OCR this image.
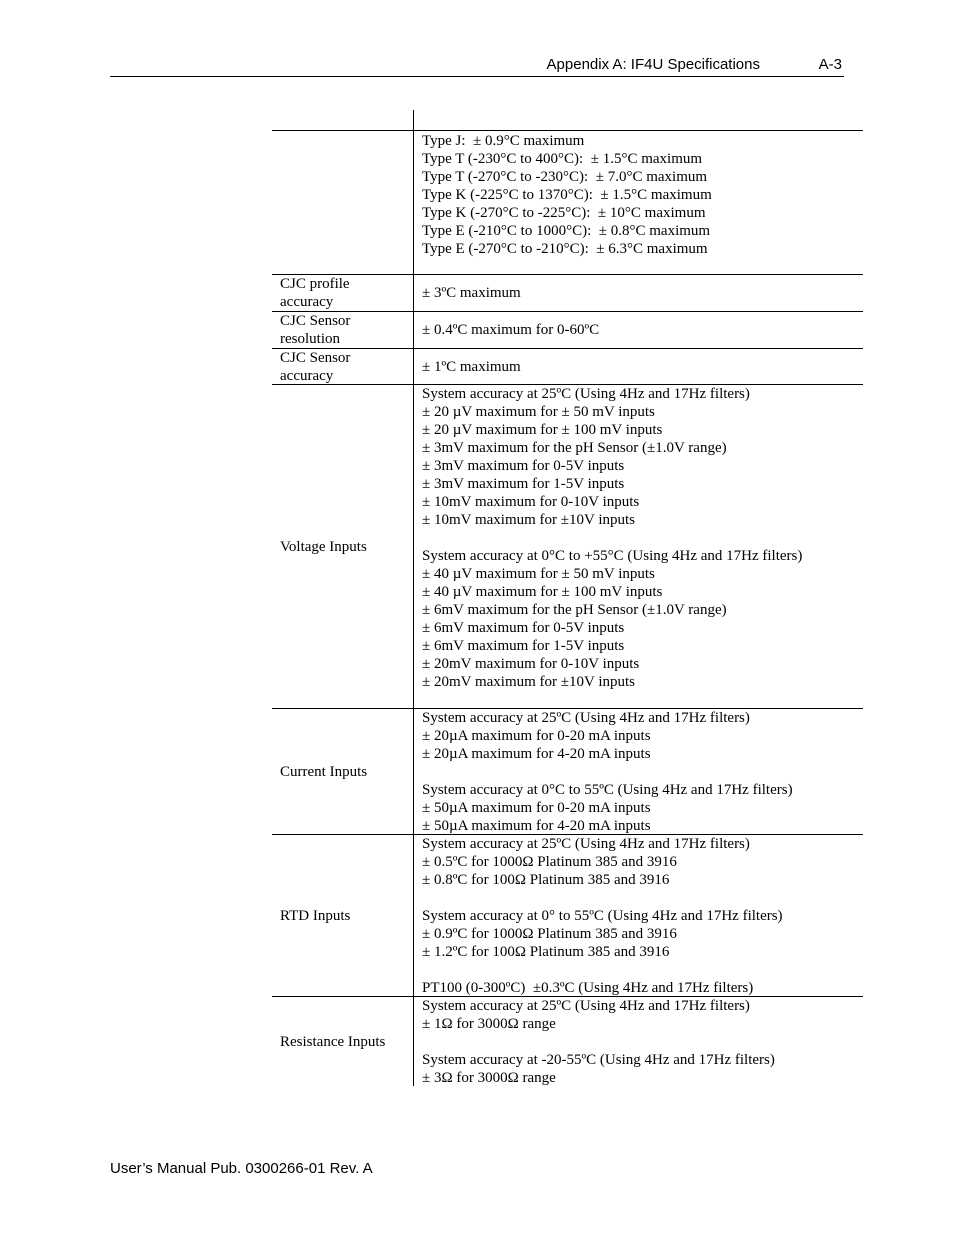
Appendix A: IF4U Specifications	A-3
Type J:  ± 0.9°C maximum
Type T (-230°C to 400°C):  ± 1.5°C maximum
Type T (-270°C to -230°C):  ± 7.0°C maximum
Type K (-225°C to 1370°C):  ± 1.5°C maximum
Type K (-270°C to -225°C):  ± 10°C maximum
Type E (-210°C to 1000°C):  ± 0.8°C maximum
Type E (-270°C to -210°C):  ± 6.3°C maximum
CJC profile accuracy
± 3ºC maximum
CJC Sensor resolution
± 0.4ºC maximum for 0-60ºC
CJC Sensor accuracy
± 1ºC maximum
Voltage Inputs
System accuracy at 25ºC (Using 4Hz and 17Hz filters)
± 20 µV maximum for ± 50 mV inputs
± 20 µV maximum for ± 100 mV inputs
± 3mV maximum for the pH Sensor (±1.0V range)
± 3mV maximum for 0-5V inputs
± 3mV maximum for 1-5V inputs
± 10mV maximum for 0-10V inputs
± 10mV maximum for ±10V inputs
System accuracy at 0°C to +55°C (Using 4Hz and 17Hz filters)
± 40 µV maximum for ± 50 mV inputs
± 40 µV maximum for ± 100 mV inputs
± 6mV maximum for the pH Sensor (±1.0V range)
± 6mV maximum for 0-5V inputs
± 6mV maximum for 1-5V inputs
± 20mV maximum for 0-10V inputs
± 20mV maximum for ±10V inputs
Current Inputs
System accuracy at 25ºC (Using 4Hz and 17Hz filters)
± 20µA maximum for 0-20 mA inputs
± 20µA maximum for 4-20 mA inputs
System accuracy at 0°C to 55ºC (Using 4Hz and 17Hz filters)
± 50µA maximum for 0-20 mA inputs
± 50µA maximum for 4-20 mA inputs
RTD Inputs
System accuracy at 25ºC (Using 4Hz and 17Hz filters)
± 0.5ºC for 1000Ω Platinum 385 and 3916
± 0.8ºC for 100Ω Platinum 385 and 3916
System accuracy at 0° to 55ºC (Using 4Hz and 17Hz filters)
± 0.9ºC for 1000Ω Platinum 385 and 3916
± 1.2ºC for 100Ω Platinum 385 and 3916
PT100 (0-300ºC)  ±0.3ºC (Using 4Hz and 17Hz filters)
Resistance Inputs
System accuracy at 25ºC (Using 4Hz and 17Hz filters)
± 1Ω for 3000Ω range
System accuracy at -20-55ºC (Using 4Hz and 17Hz filters)
± 3Ω for 3000Ω range
User’s Manual Pub. 0300266-01 Rev. A
